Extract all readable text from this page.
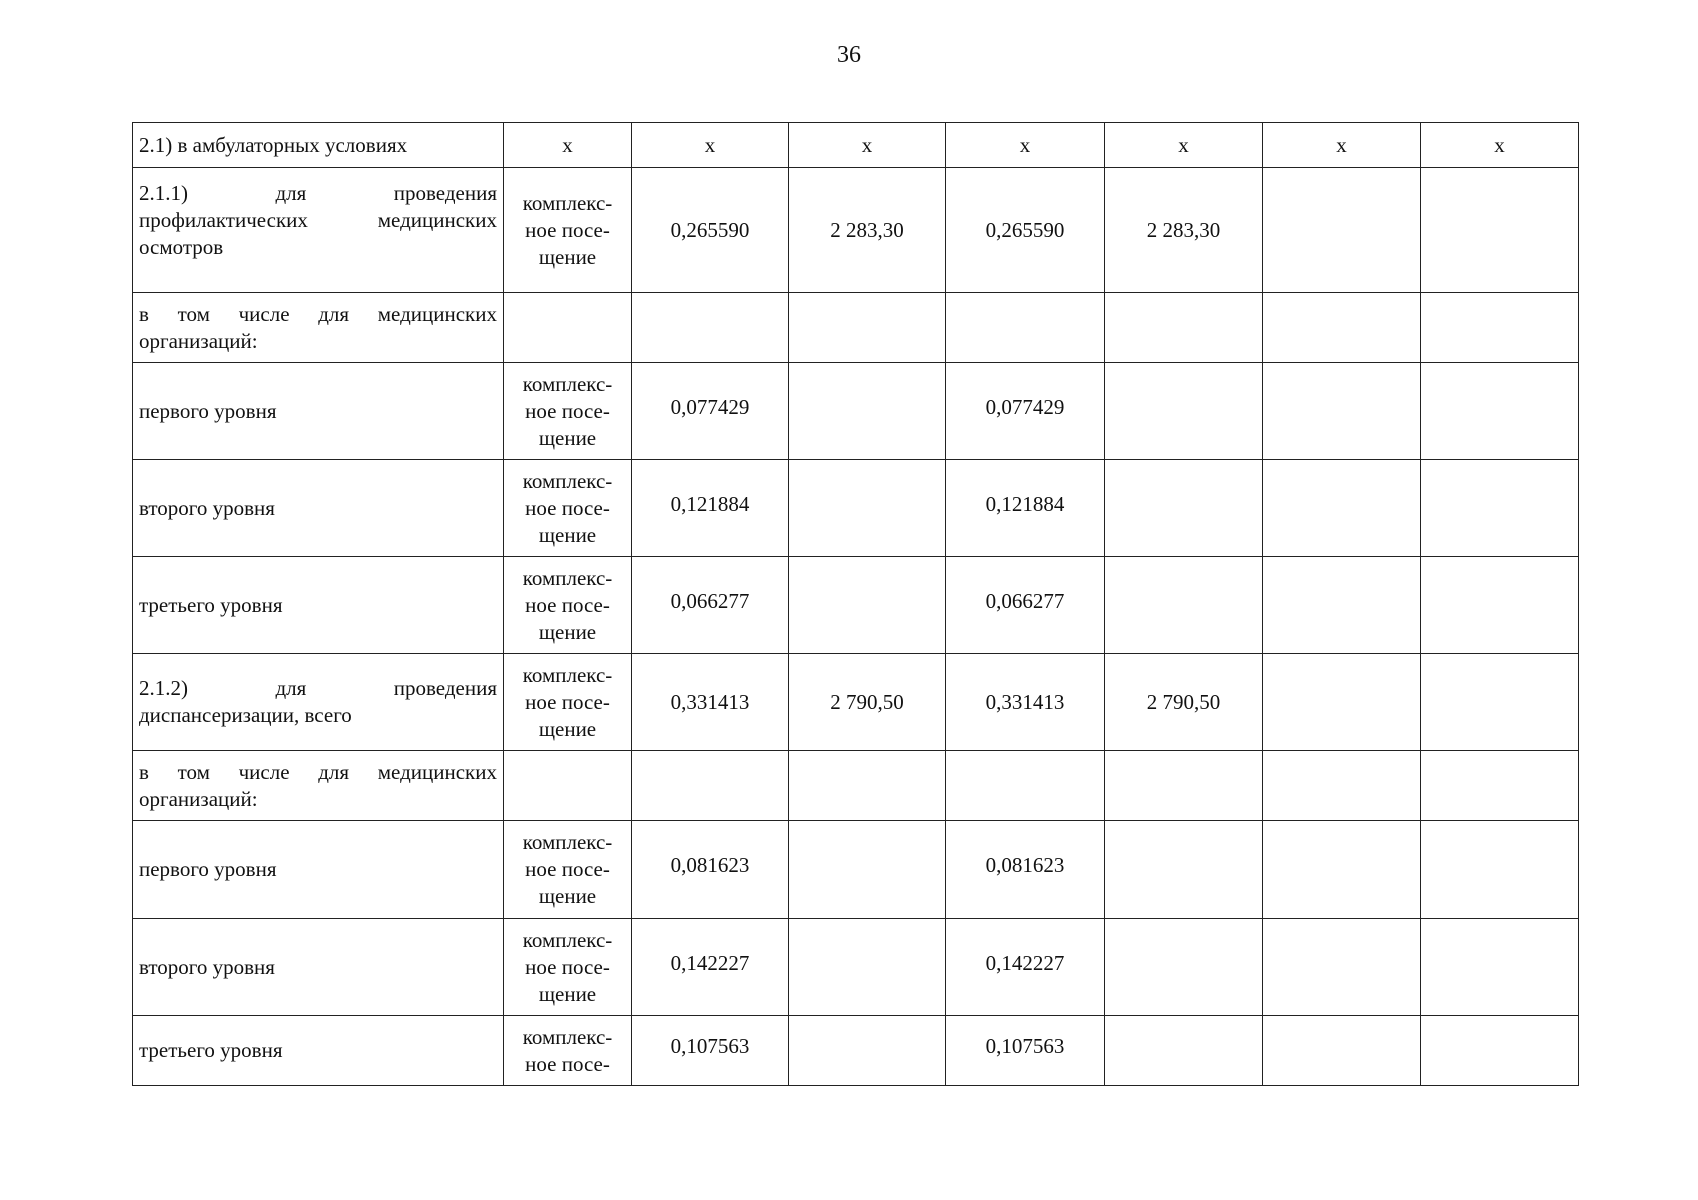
36
2.1) в амбулаторных условиях	х	х	х	х	х	х	х
2.1.1) для проведения профилактических медицинских осмотров	комплекс-ное посе-щение	0,265590	2 283,30	0,265590	2 283,30		
в том числе для медицинских организаций:							
первого уровня	комплекс-ное посе-щение	0,077429		0,077429			
второго уровня	комплекс-ное посе-щение	0,121884		0,121884			
третьего уровня	комплекс-ное посе-щение	0,066277		0,066277			
2.1.2) для проведения диспансеризации, всего	комплекс-ное посе-щение	0,331413	2 790,50	0,331413	2 790,50		
в том числе для медицинских организаций:							
первого уровня	комплекс-ное посе-щение	0,081623		0,081623			
второго уровня	комплекс-ное посе-щение	0,142227		0,142227			
третьего уровня	комплекс-ное посе-	0,107563		0,107563			
